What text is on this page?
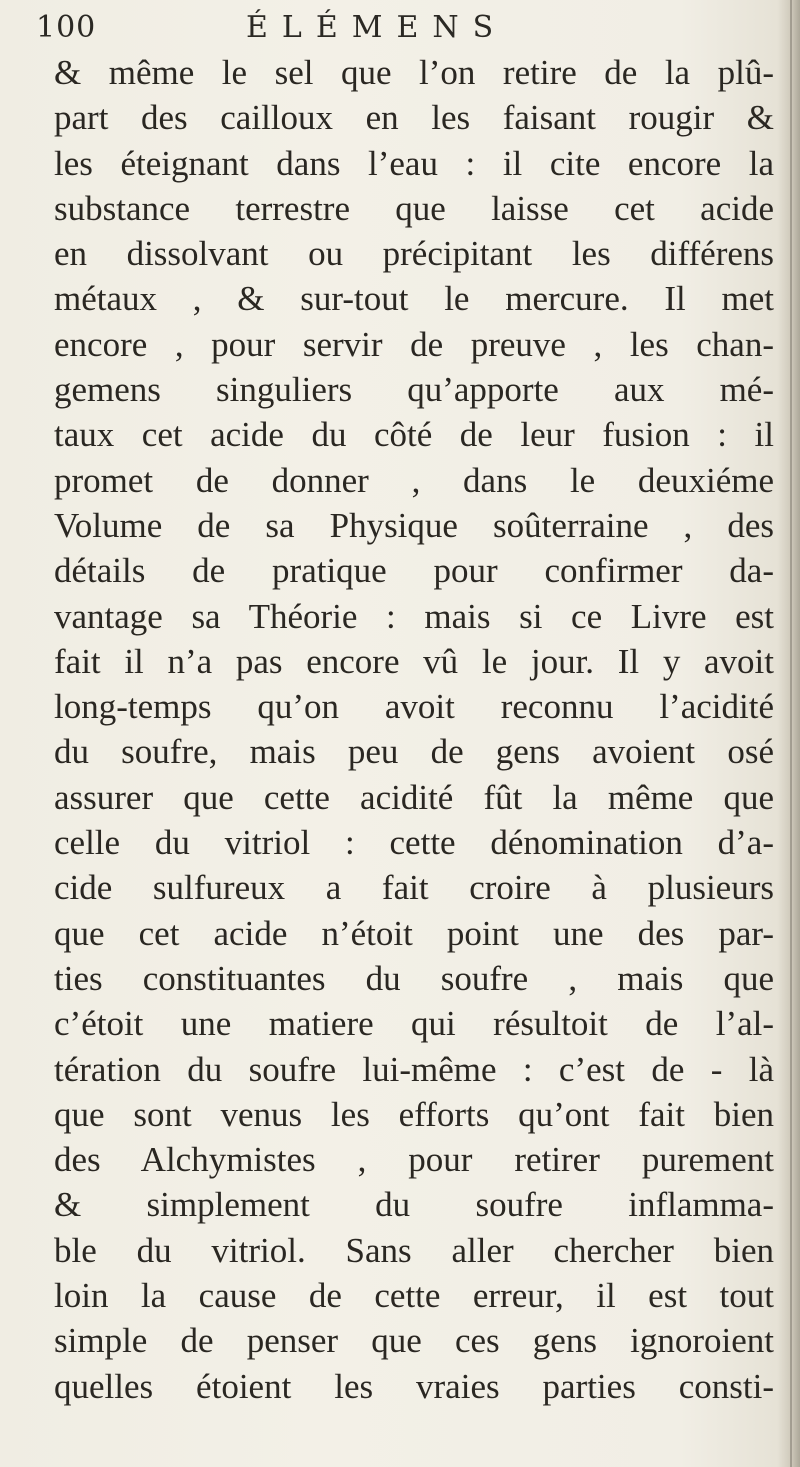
100	ÉLÉMENS
& même le sel que l’on retire de la plû-
part des cailloux en les faisant rougir &
les éteignant dans l’eau : il cite encore la
substance terrestre que laisse cet acide
en dissolvant ou précipitant les différens
métaux , & sur-tout le mercure. Il met
encore , pour servir de preuve , les chan-
gemens singuliers qu’apporte aux mé-
taux cet acide du côté de leur fusion : il
promet de donner , dans le deuxiéme
Volume de sa Physique soûterraine , des
détails de pratique pour confirmer da-
vantage sa Théorie : mais si ce Livre est
fait il n’a pas encore vû le jour. Il y avoit
long-temps qu’on avoit reconnu l’acidité
du soufre, mais peu de gens avoient osé
assurer que cette acidité fût la même que
celle du vitriol : cette dénomination d’a-
cide sulfureux a fait croire à plusieurs
que cet acide n’étoit point une des par-
ties constituantes du soufre , mais que
c’étoit une matiere qui résultoit de l’al-
tération du soufre lui-même : c’est de - là
que sont venus les efforts qu’ont fait bien
des Alchymistes , pour retirer purement
& simplement du soufre inflamma-
ble du vitriol. Sans aller chercher bien
loin la cause de cette erreur, il est tout
simple de penser que ces gens ignoroient
quelles étoient les vraies parties consti-
